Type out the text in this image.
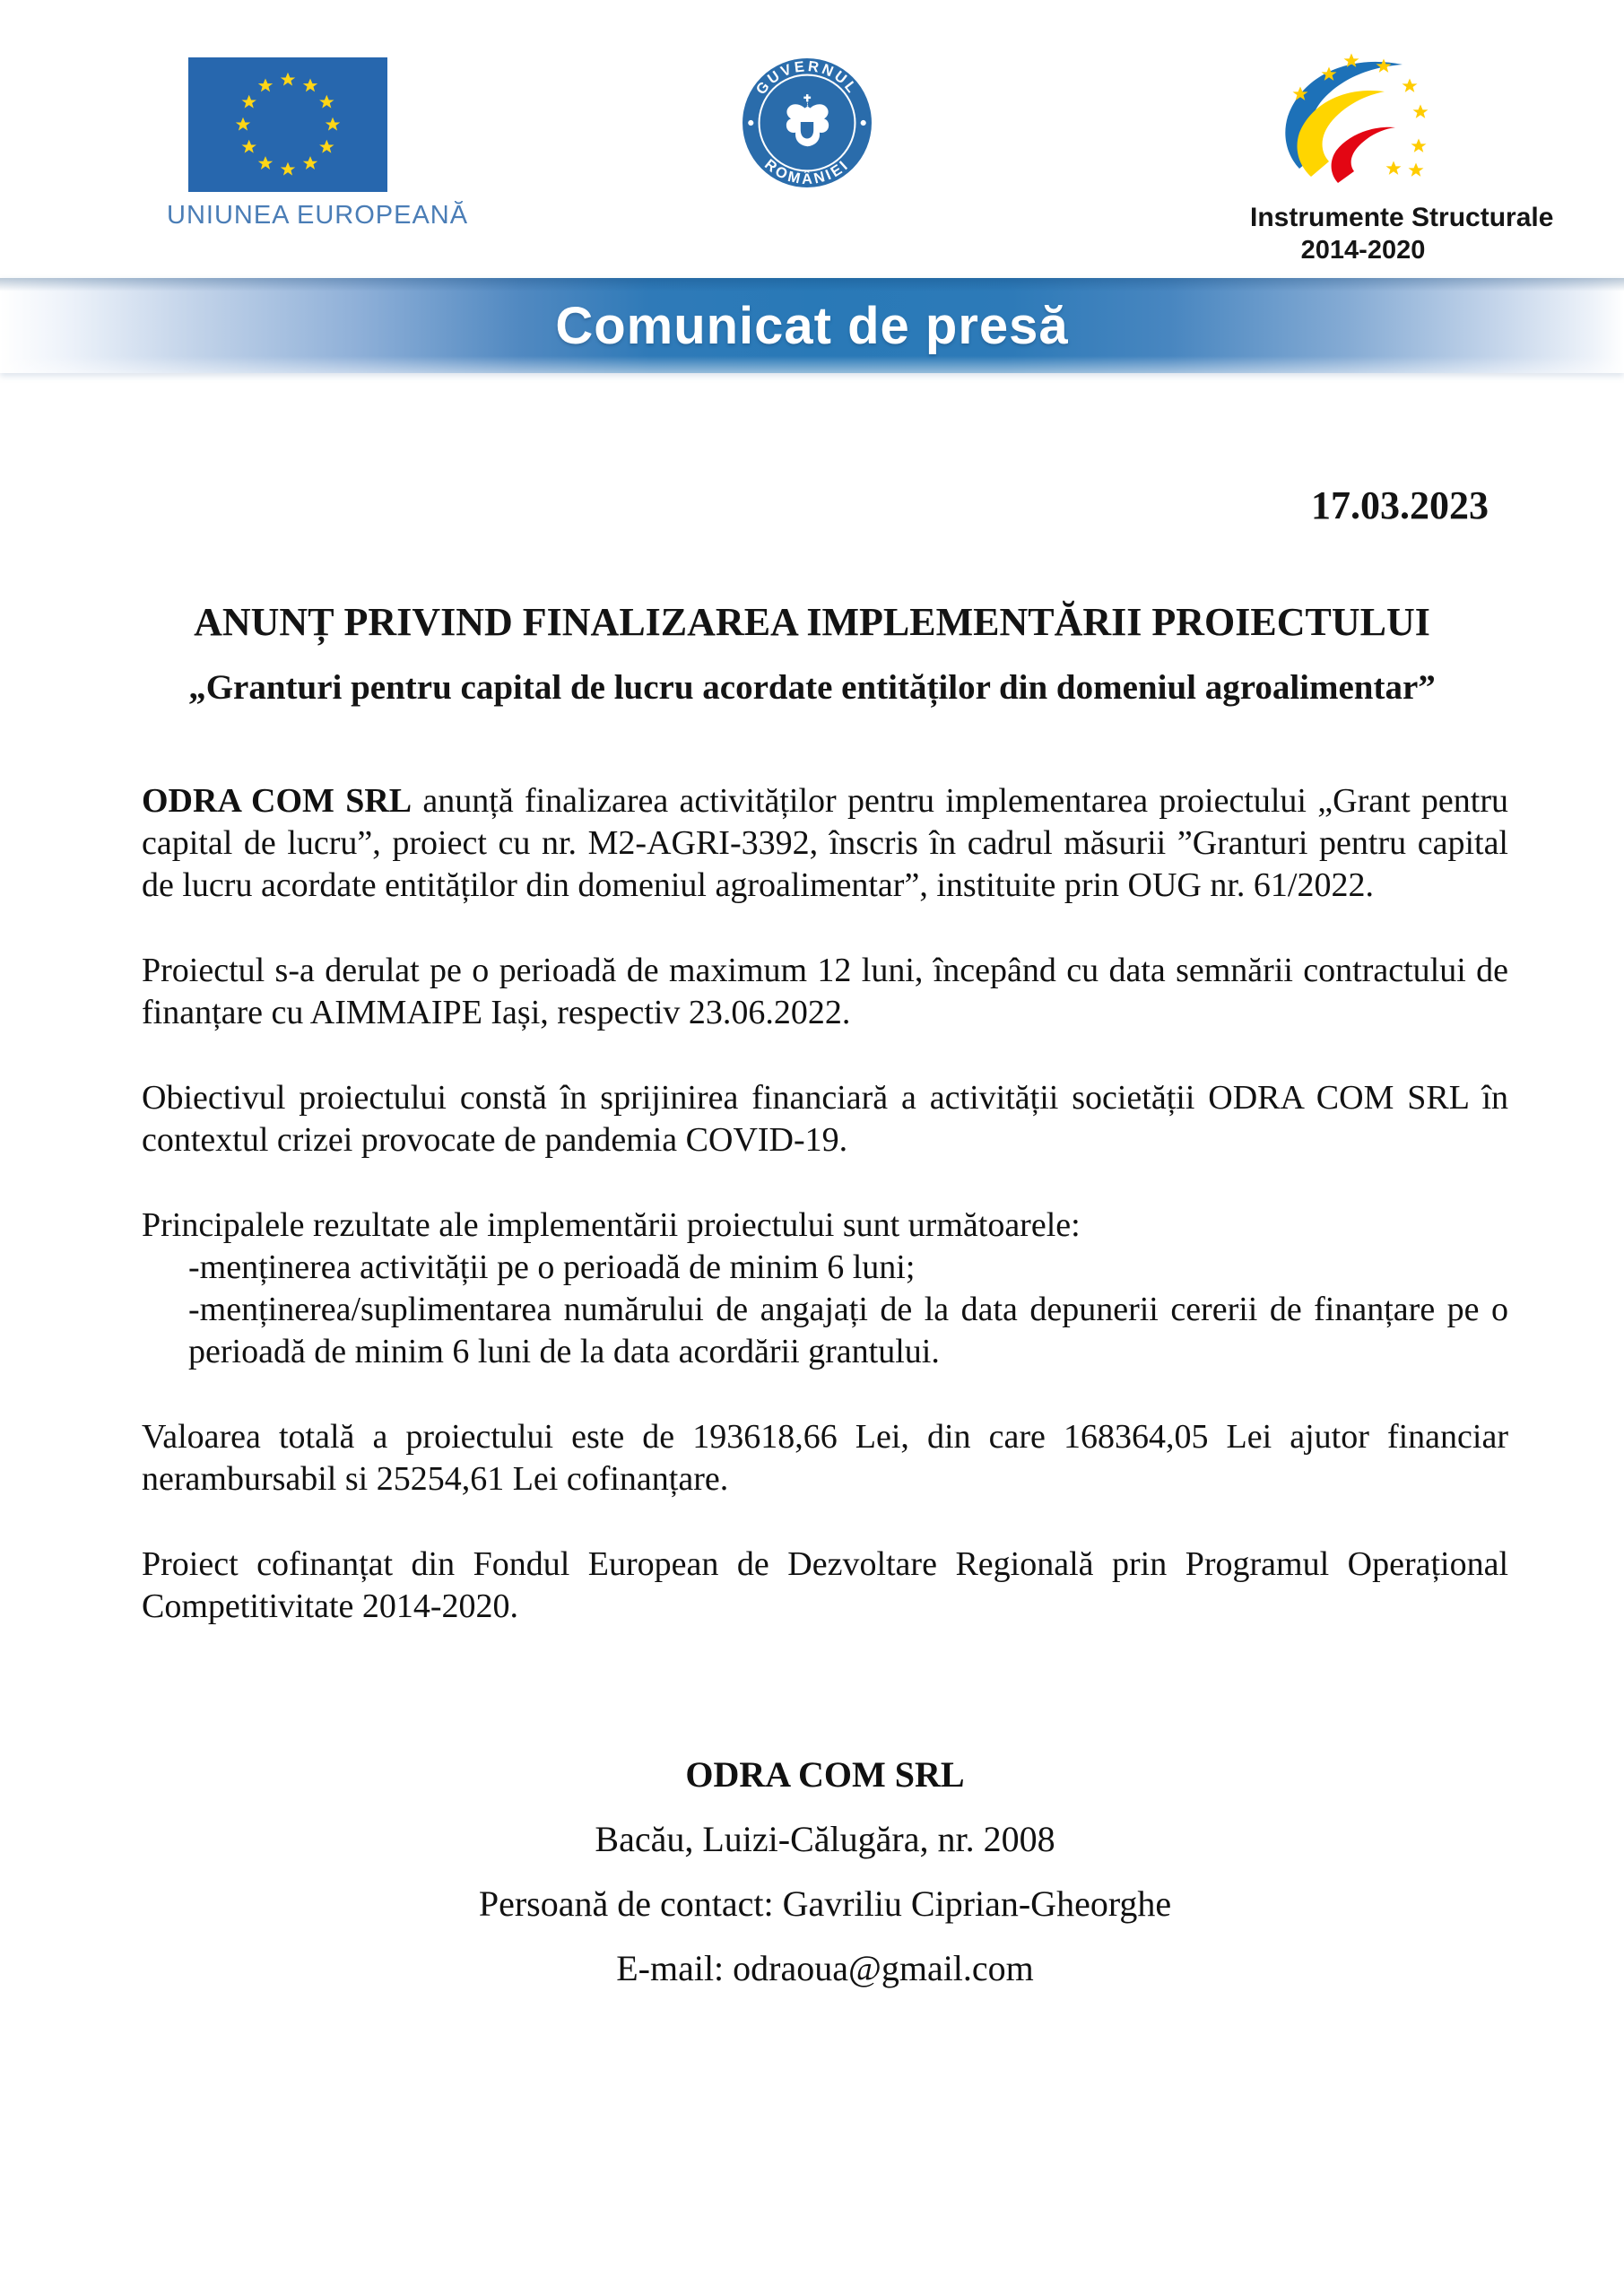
UNIUNEA EUROPEANĂ
GUVERNUL
ROMÂNIEI
Instrumente Structurale
2014-2020
Comunicat de presă
17.03.2023
ANUNȚ PRIVIND FINALIZAREA IMPLEMENTĂRII PROIECTULUI
„Granturi pentru capital de lucru acordate entităților din domeniul agroalimentar”

ODRA COM SRL anunță finalizarea activităților pentru implementarea proiectului „Grant pentru capital de lucru”, proiect cu nr. M2-AGRI-3392, înscris în cadrul măsurii ”Granturi pentru capital de lucru acordate entităților din domeniul agroalimentar”, instituite prin OUG nr. 61/2022.

Proiectul s-a derulat pe o perioadă de maximum 12 luni, începând cu data semnării contractului de finanțare cu AIMMAIPE Iași, respectiv 23.06.2022.

Obiectivul proiectului constă în sprijinirea financiară a activității societății ODRA COM SRL în contextul crizei provocate de pandemia COVID-19.

Principalele rezultate ale implementării proiectului sunt următoarele:

-menținerea activității pe o perioadă de minim 6 luni;

-menținerea/suplimentarea numărului de angajați de la data depunerii cererii de finanțare pe o perioadă de minim 6 luni de la data acordării grantului.

Valoarea totală a proiectului este de 193618,66 Lei, din care 168364,05 Lei ajutor financiar nerambursabil si 25254,61 Lei cofinanțare.

Proiect cofinanțat din Fondul European de Dezvoltare Regională prin Programul Operațional Competitivitate 2014-2020.

ODRA COM SRL
Bacău, Luizi-Călugăra, nr. 2008
Persoană de contact: Gavriliu Ciprian-Gheorghe
E-mail: odraoua@gmail.com
